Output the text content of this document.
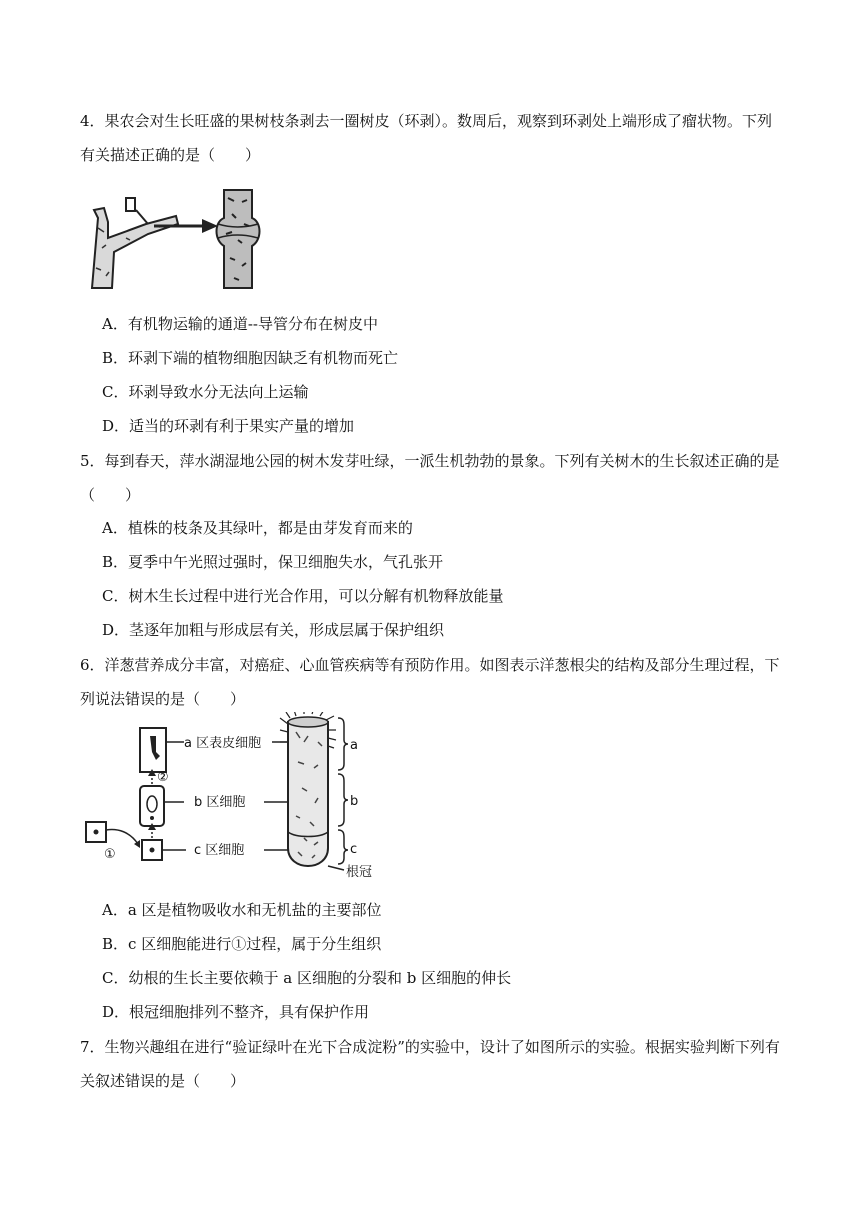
4．果农会对生长旺盛的果树枝条剥去一圈树皮（环剥）。数周后，观察到环剥处上端形成了瘤状物。下列有关描述正确的是（　　）
A．有机物运输的通道--导管分布在树皮中
B．环剥下端的植物细胞因缺乏有机物而死亡
C．环剥导致水分无法向上运输
D．适当的环剥有利于果实产量的增加
5．每到春天，萍水湖湿地公园的树木发芽吐绿，一派生机勃勃的景象。下列有关树木的生长叙述正确的是（　　）
A．植株的枝条及其绿叶，都是由芽发育而来的
B．夏季中午光照过强时，保卫细胞失水，气孔张开
C．树木生长过程中进行光合作用，可以分解有机物释放能量
D．茎逐年加粗与形成层有关，形成层属于保护组织
6．洋葱营养成分丰富，对癌症、心血管疾病等有预防作用。如图表示洋葱根尖的结构及部分生理过程，下列说法错误的是（　　）
②
①
a 区表皮细胞
b 区细胞
c 区细胞
a
b
c
根冠
A．a 区是植物吸收水和无机盐的主要部位
B．c 区细胞能进行①过程，属于分生组织
C．幼根的生长主要依赖于 a 区细胞的分裂和 b 区细胞的伸长
D．根冠细胞排列不整齐，具有保护作用
7．生物兴趣组在进行“验证绿叶在光下合成淀粉”的实验中，设计了如图所示的实验。根据实验判断下列有关叙述错误的是（　　）
